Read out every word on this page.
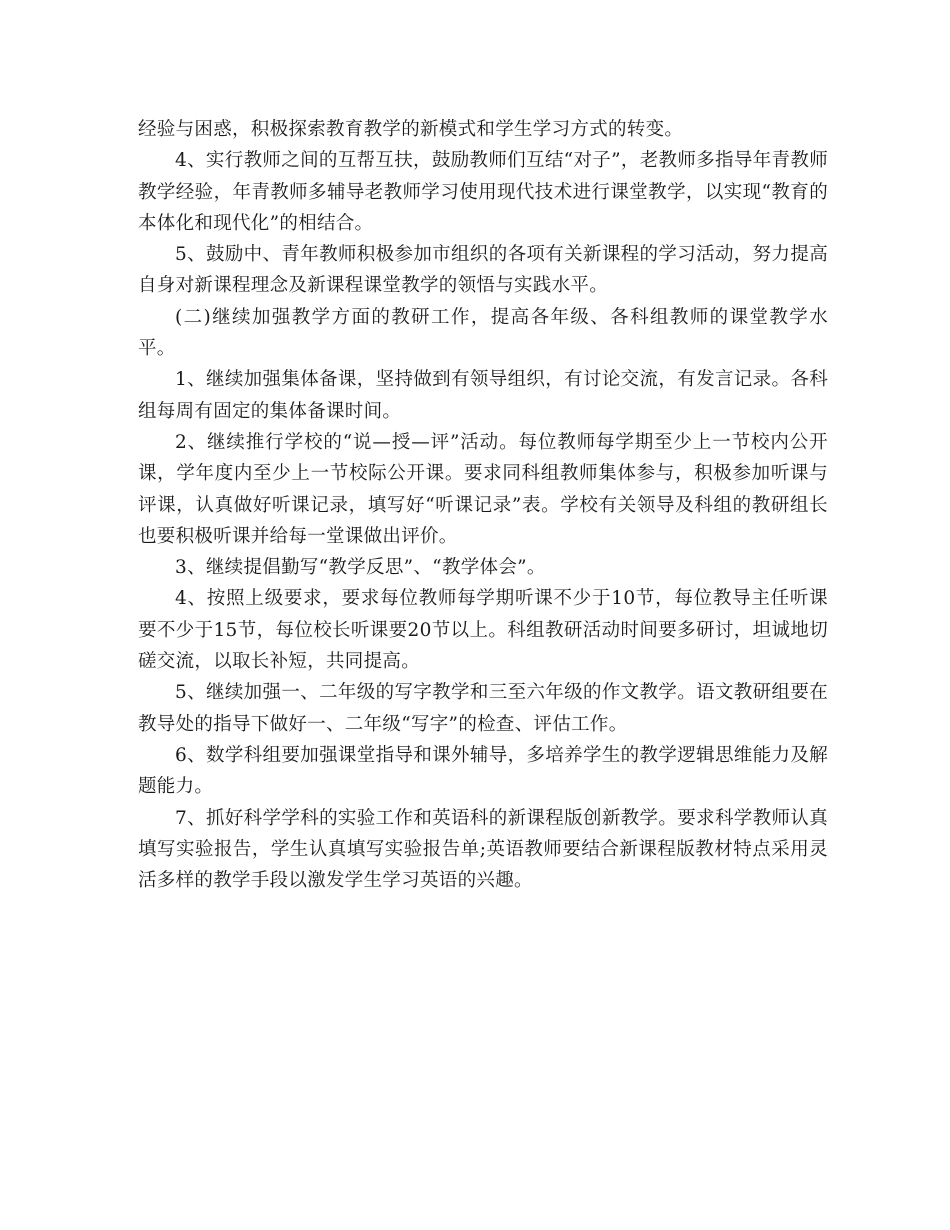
经验与困惑，积极探索教育教学的新模式和学生学习方式的转变。

4、实行教师之间的互帮互扶，鼓励教师们互结“对子”，老教师多指导年青教师教学经验，年青教师多辅导老教师学习使用现代技术进行课堂教学，以实现“教育的本体化和现代化”的相结合。

5、鼓励中、青年教师积极参加市组织的各项有关新课程的学习活动，努力提高自身对新课程理念及新课程课堂教学的领悟与实践水平。

(二)继续加强教学方面的教研工作，提高各年级、各科组教师的课堂教学水平。

1、继续加强集体备课，坚持做到有领导组织，有讨论交流，有发言记录。各科组每周有固定的集体备课时间。

2、继续推行学校的“说—授—评”活动。每位教师每学期至少上一节校内公开课，学年度内至少上一节校际公开课。要求同科组教师集体参与，积极参加听课与评课，认真做好听课记录，填写好“听课记录”表。学校有关领导及科组的教研组长也要积极听课并给每一堂课做出评价。

3、继续提倡勤写“教学反思”、“教学体会”。

4、按照上级要求，要求每位教师每学期听课不少于10节，每位教导主任听课要不少于15节，每位校长听课要20节以上。科组教研活动时间要多研讨，坦诚地切磋交流，以取长补短，共同提高。

5、继续加强一、二年级的写字教学和三至六年级的作文教学。语文教研组要在教导处的指导下做好一、二年级“写字”的检查、评估工作。

6、数学科组要加强课堂指导和课外辅导，多培养学生的教学逻辑思维能力及解题能力。

7、抓好科学学科的实验工作和英语科的新课程版创新教学。要求科学教师认真填写实验报告，学生认真填写实验报告单;英语教师要结合新课程版教材特点采用灵活多样的教学手段以激发学生学习英语的兴趣。
